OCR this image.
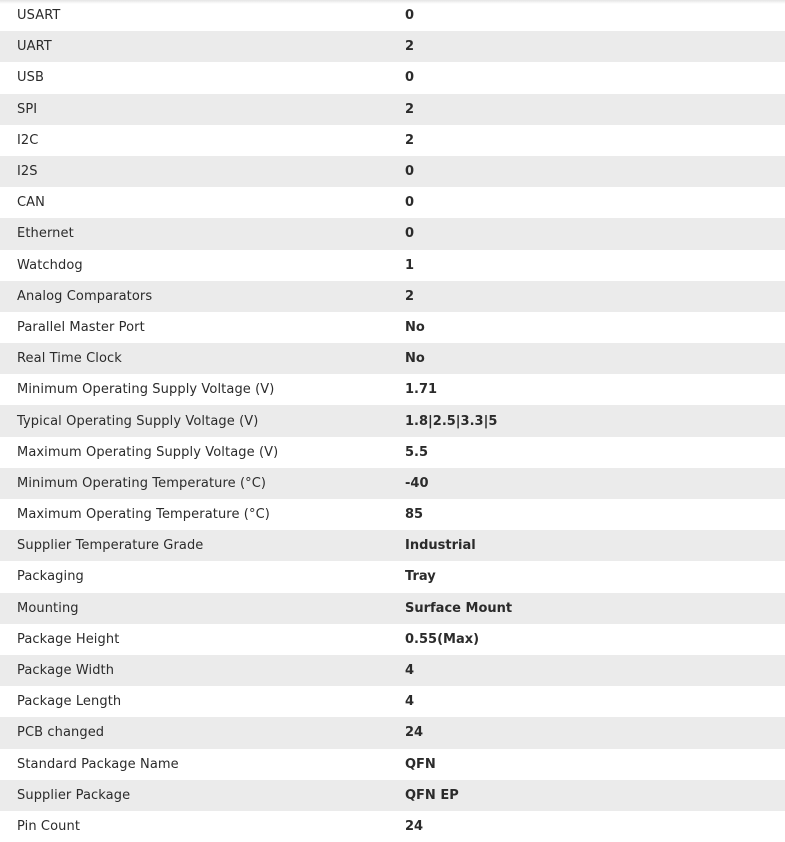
USART	0
UART	2
USB	0
SPI	2
I2C	2
I2S	0
CAN	0
Ethernet	0
Watchdog	1
Analog Comparators	2
Parallel Master Port	No
Real Time Clock	No
Minimum Operating Supply Voltage (V)	1.71
Typical Operating Supply Voltage (V)	1.8|2.5|3.3|5
Maximum Operating Supply Voltage (V)	5.5
Minimum Operating Temperature (°C)	-40
Maximum Operating Temperature (°C)	85
Supplier Temperature Grade	Industrial
Packaging	Tray
Mounting	Surface Mount
Package Height	0.55(Max)
Package Width	4
Package Length	4
PCB changed	24
Standard Package Name	QFN
Supplier Package	QFN EP
Pin Count	24
